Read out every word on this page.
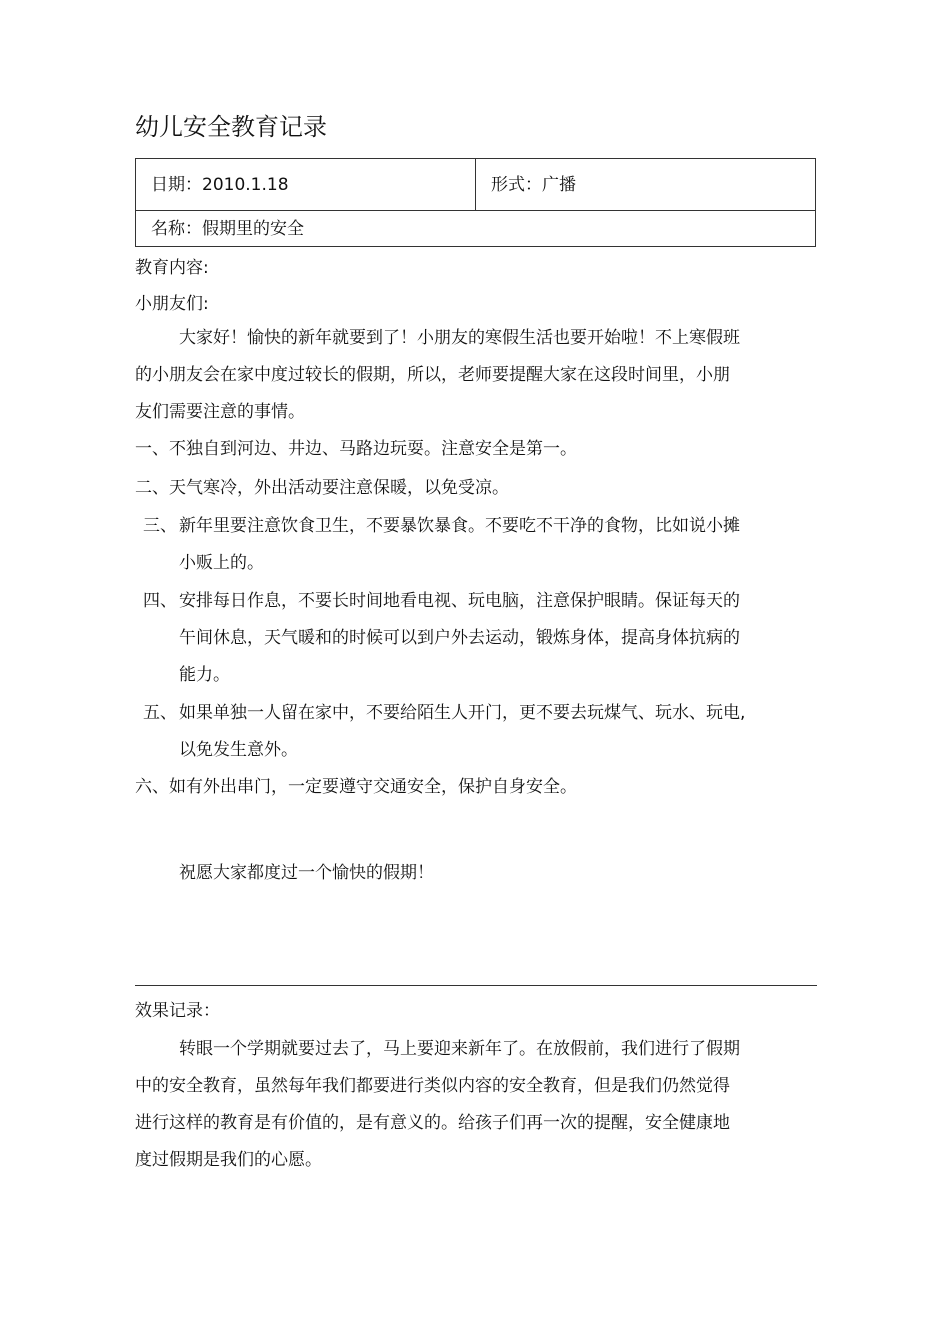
幼儿安全教育记录
日期：2010.1.18	形式：广播
名称：假期里的安全
教育内容:
小朋友们:
大家好！愉快的新年就要到了！小朋友的寒假生活也要开始啦！不上寒假班
的小朋友会在家中度过较长的假期，所以，老师要提醒大家在这段时间里，小朋
友们需要注意的事情。
一、不独自到河边、井边、马路边玩耍。注意安全是第一。
二、天气寒冷，外出活动要注意保暖，以免受凉。
三、 新年里要注意饮食卫生，不要暴饮暴食。不要吃不干净的食物，比如说小摊
小贩上的。
四、 安排每日作息，不要长时间地看电视、玩电脑，注意保护眼睛。保证每天的
午间休息，天气暖和的时候可以到户外去运动，锻炼身体，提高身体抗病的
能力。
五、 如果单独一人留在家中，不要给陌生人开门，更不要去玩煤气、玩水、玩电,
以免发生意外。
六、如有外出串门，一定要遵守交通安全，保护自身安全。
祝愿大家都度过一个愉快的假期！
效果记录：
转眼一个学期就要过去了，马上要迎来新年了。在放假前，我们进行了假期
中的安全教育，虽然每年我们都要进行类似内容的安全教育，但是我们仍然觉得
进行这样的教育是有价值的，是有意义的。给孩子们再一次的提醒，安全健康地
度过假期是我们的心愿。
